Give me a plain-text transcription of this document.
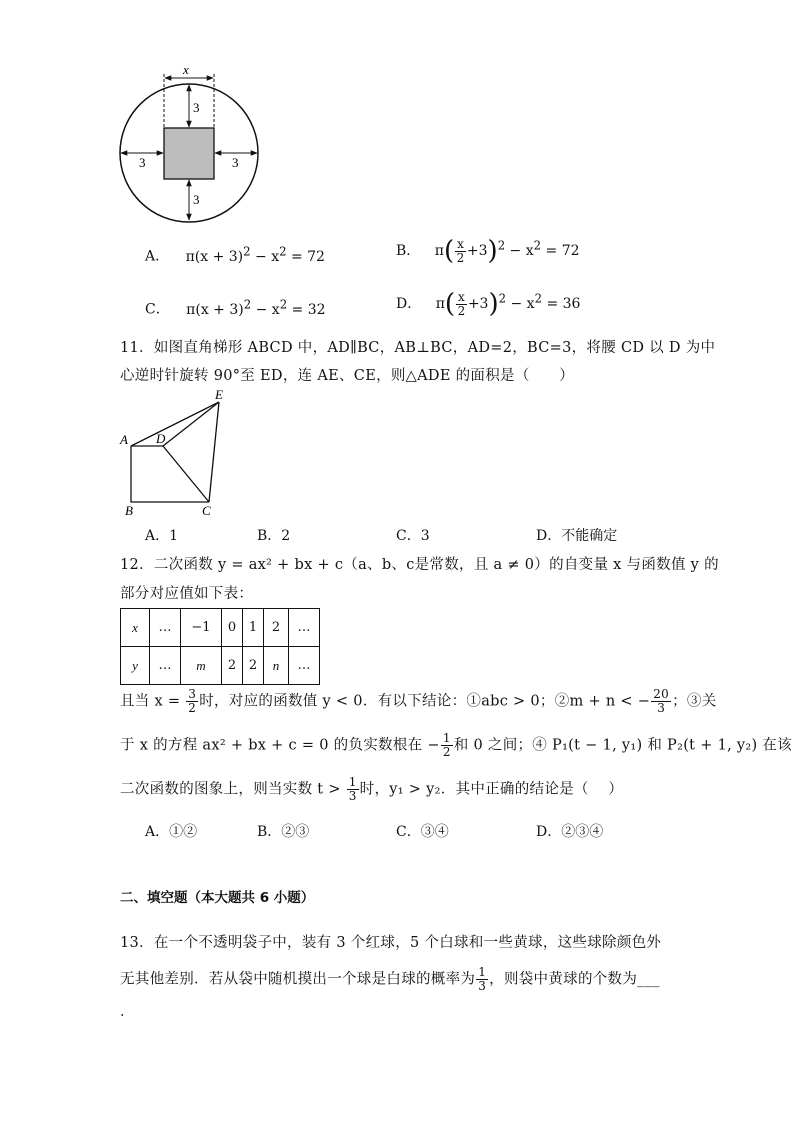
x
3
3	3
3
A． $\pi(x + 3)^2 - x^2 = 72$	B． $\pi( \frac{x}{2} +3)^2 - x^2 = 72$
C． $\pi(x + 3)^2 - x^2 = 32$	D． $\pi( \frac{x}{2} +3)^2 - x^2 = 36$
11．如图直角梯形 ABCD 中，AD∥BC，AB⊥BC，AD=2，BC=3，将腰 CD 以 D 为中
心逆时针旋转 90°至 ED，连 AE、CE，则△ADE 的面积是（　　）
A D
E
B	C
A．1	B．2	C．3	D．不能确定
12．二次函数 y = ax² + bx + c（a、b、c是常数，且 a ≠ 0）的自变量 x 与函数值 y 的
部分对应值如下表：
x	…	−1	0	1	2	…
y	…	m	2	2	n	…
且当 $x = \frac{3}{2}$ 时，对应的函数值 y < 0．有以下结论：①abc > 0；②m + n < − $\frac{20}{3}$ ；③关
于 x 的方程 ax² + bx + c = 0 的负实数根在 − $\frac{1}{2}$ 和 0 之间；④ P₁(t − 1, y₁) 和 P₂(t + 1, y₂) 在该
二次函数的图象上，则当实数 $t > \frac{1}{3}$ 时，y₁ > y₂．其中正确的结论是（　 ）
A．①②	B．②③	C．③④	D．②③④
二、填空题（本大题共 6 小题）
13．在一个不透明袋子中，装有 3 个红球，5 个白球和一些黄球，这些球除颜色外
无其他差别．若从袋中随机摸出一个球是白球的概率为 $\frac{1}{3}$ ，则袋中黄球的个数为___
．
